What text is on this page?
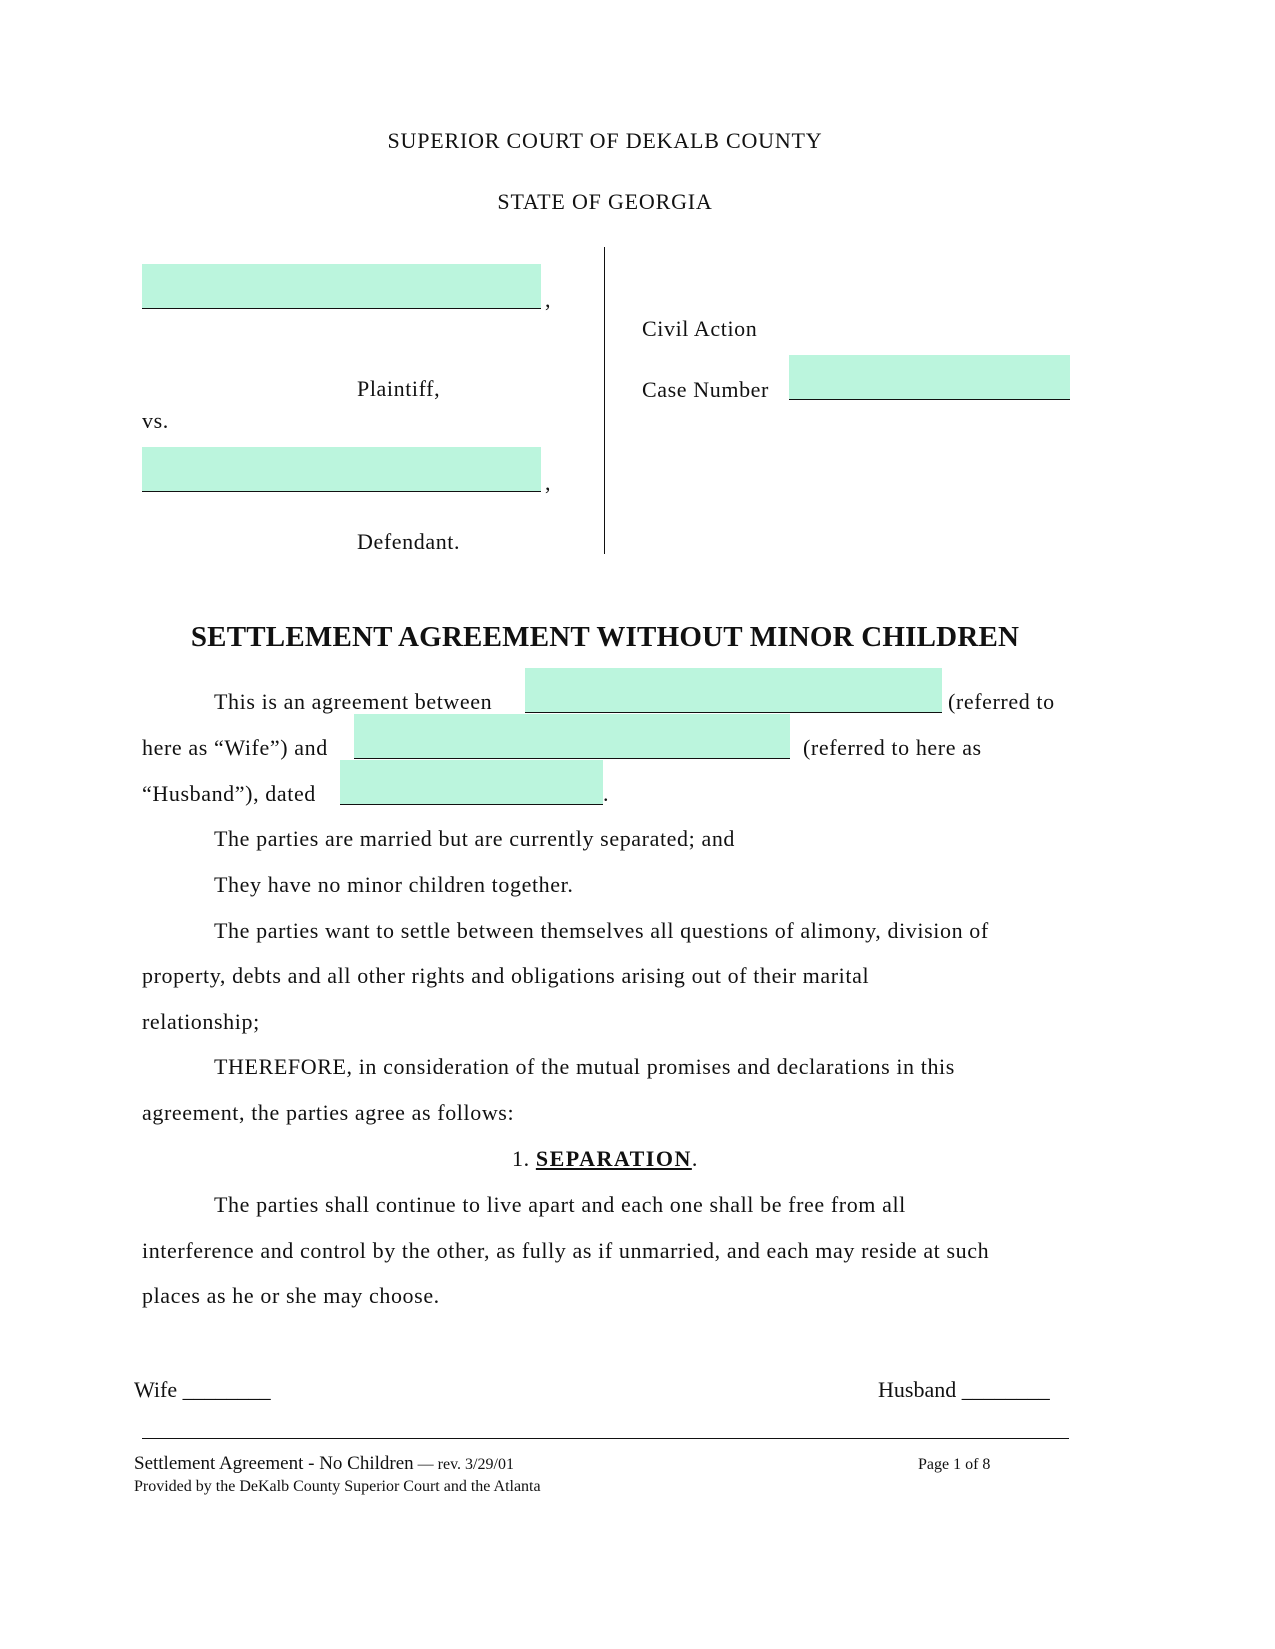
SUPERIOR COURT OF DEKALB COUNTY
STATE OF GEORGIA
,
Plaintiff,
vs.
,
Defendant.
Civil Action
Case Number
SETTLEMENT AGREEMENT WITHOUT MINOR CHILDREN
This is an agreement between	(referred to
here as “Wife”) and	(referred to here as
“Husband”), dated	.
The parties are married but are currently separated; and
They have no minor children together.
The parties want to settle between themselves all questions of alimony, division of
property, debts and all other rights and obligations arising out of their marital
relationship;
THEREFORE, in consideration of the mutual promises and declarations in this
agreement, the parties agree as follows:
1. SEPARATION.
The parties shall continue to live apart and each one shall be free from all
interference and control by the other, as fully as if unmarried, and each may reside at such
places as he or she may choose.
Wife ________	Husband ________
Settlement Agreement - No Children — rev. 3/29/01	Page 1 of 8
Provided by the DeKalb County Superior Court and the Atlanta
